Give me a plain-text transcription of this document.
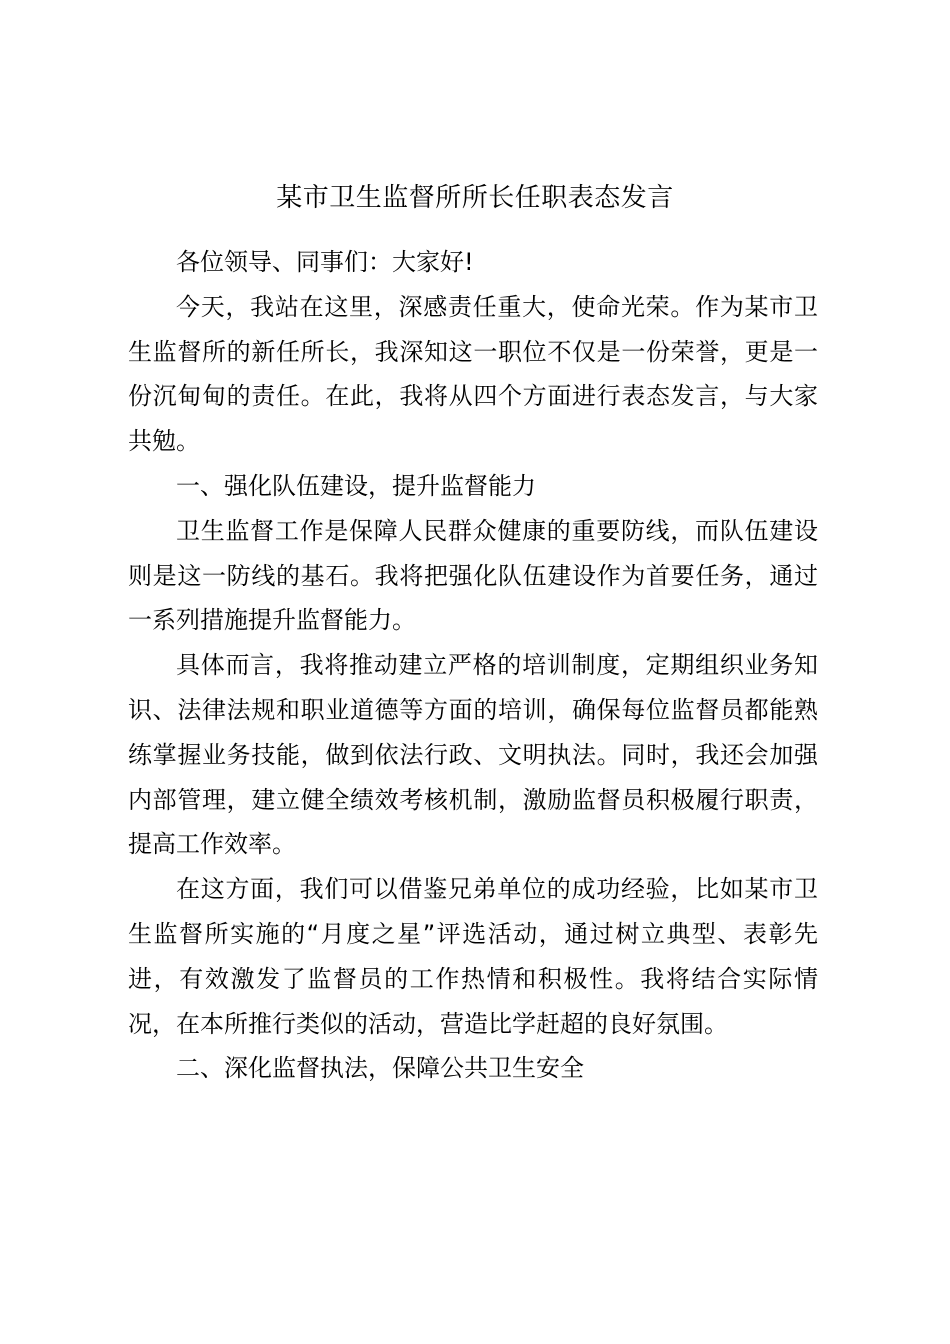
某市卫生监督所所长任职表态发言

各位领导、同事们：大家好!

今天，我站在这里，深感责任重大，使命光荣。作为某市卫生监督所的新任所长，我深知这一职位不仅是一份荣誉，更是一份沉甸甸的责任。在此，我将从四个方面进行表态发言，与大家共勉。

一、强化队伍建设，提升监督能力

卫生监督工作是保障人民群众健康的重要防线，而队伍建设则是这一防线的基石。我将把强化队伍建设作为首要任务，通过一系列措施提升监督能力。

具体而言，我将推动建立严格的培训制度，定期组织业务知识、法律法规和职业道德等方面的培训，确保每位监督员都能熟练掌握业务技能，做到依法行政、文明执法。同时，我还会加强内部管理，建立健全绩效考核机制，激励监督员积极履行职责，提高工作效率。

在这方面，我们可以借鉴兄弟单位的成功经验，比如某市卫生监督所实施的“月度之星”评选活动，通过树立典型、表彰先进，有效激发了监督员的工作热情和积极性。我将结合实际情况，在本所推行类似的活动，营造比学赶超的良好氛围。

二、深化监督执法，保障公共卫生安全
